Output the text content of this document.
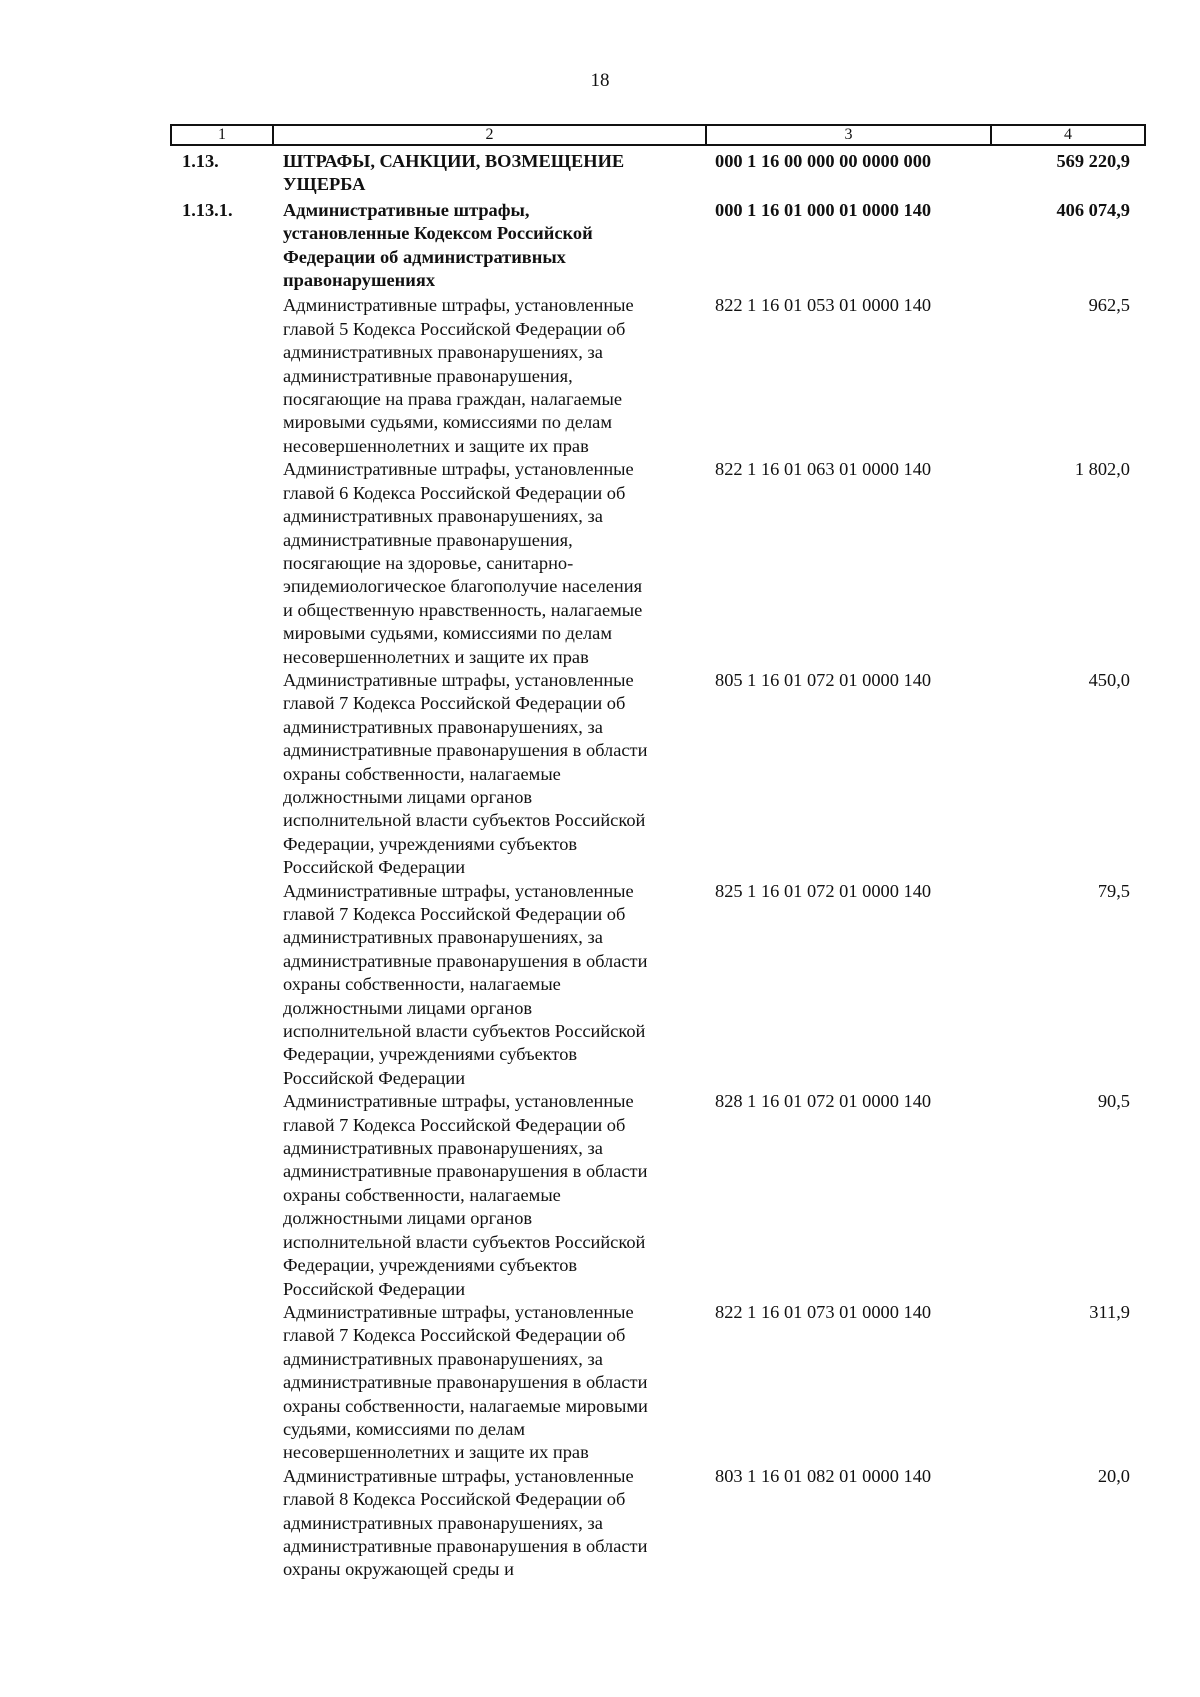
18
1	2	3	4
1.13.	ШТРАФЫ, САНКЦИИ, ВОЗМЕЩЕНИЕ
УЩЕРБА
000 1 16 00 000 00 0000 000	569 220,9
1.13.1.	Административные штрафы,
установленные Кодексом Российской
Федерации об административных
правонарушениях
000 1 16 01 000 01 0000 140	406 074,9
Административные штрафы, установленные
главой 5 Кодекса Российской Федерации об
административных правонарушениях, за
административные правонарушения,
посягающие на права граждан, налагаемые
мировыми судьями, комиссиями по делам
несовершеннолетних и защите их прав
822 1 16 01 053 01 0000 140	962,5
Административные штрафы, установленные
главой 6 Кодекса Российской Федерации об
административных правонарушениях, за
административные правонарушения,
посягающие на здоровье, санитарно-
эпидемиологическое благополучие населения
и общественную нравственность, налагаемые
мировыми судьями, комиссиями по делам
несовершеннолетних и защите их прав
822 1 16 01 063 01 0000 140	1 802,0
Административные штрафы, установленные
главой 7 Кодекса Российской Федерации об
административных правонарушениях, за
административные правонарушения в области
охраны собственности, налагаемые
должностными лицами органов
исполнительной власти субъектов Российской
Федерации, учреждениями субъектов
Российской Федерации
805 1 16 01 072 01 0000 140	450,0
Административные штрафы, установленные
главой 7 Кодекса Российской Федерации об
административных правонарушениях, за
административные правонарушения в области
охраны собственности, налагаемые
должностными лицами органов
исполнительной власти субъектов Российской
Федерации, учреждениями субъектов
Российской Федерации
825 1 16 01 072 01 0000 140	79,5
Административные штрафы, установленные
главой 7 Кодекса Российской Федерации об
административных правонарушениях, за
административные правонарушения в области
охраны собственности, налагаемые
должностными лицами органов
исполнительной власти субъектов Российской
Федерации, учреждениями субъектов
Российской Федерации
828 1 16 01 072 01 0000 140	90,5
Административные штрафы, установленные
главой 7 Кодекса Российской Федерации об
административных правонарушениях, за
административные правонарушения в области
охраны собственности, налагаемые мировыми
судьями, комиссиями по делам
несовершеннолетних и защите их прав
822 1 16 01 073 01 0000 140	311,9
Административные штрафы, установленные
главой 8 Кодекса Российской Федерации об
административных правонарушениях, за
административные правонарушения в области
охраны окружающей среды и
803 1 16 01 082 01 0000 140	20,0
